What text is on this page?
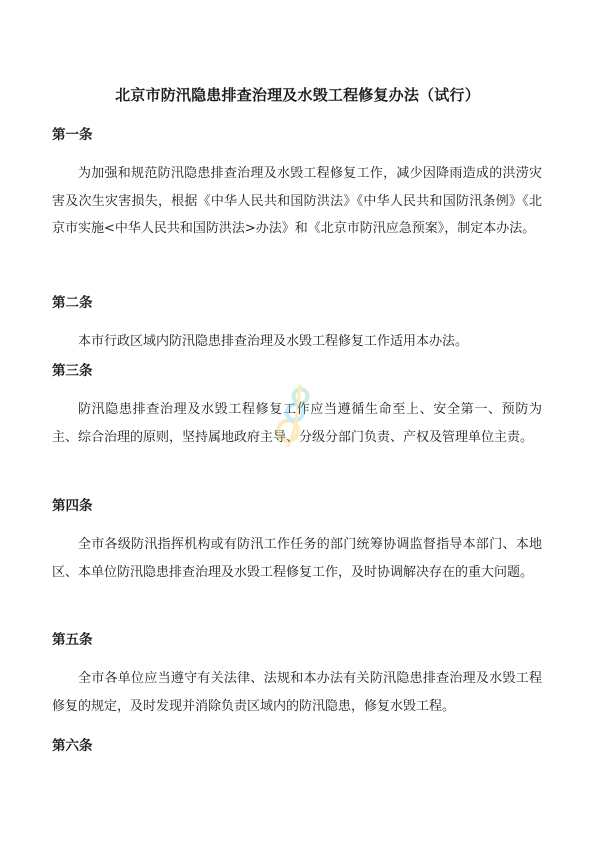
北京市防汛隐患排查治理及水毁工程修复办法（试行）

第一条

为加强和规范防汛隐患排查治理及水毁工程修复工作，减少因降雨造成的洪涝灾害及次生灾害损失，根据《中华人民共和国防洪法》《中华人民共和国防汛条例》《北京市实施<中华人民共和国防洪法>办法》和《北京市防汛应急预案》，制定本办法。

第二条

本市行政区域内防汛隐患排查治理及水毁工程修复工作适用本办法。

第三条

防汛隐患排查治理及水毁工程修复工作应当遵循生命至上、安全第一、预防为主、综合治理的原则，坚持属地政府主导、分级分部门负责、产权及管理单位主责。

第四条

全市各级防汛指挥机构或有防汛工作任务的部门统筹协调监督指导本部门、本地区、本单位防汛隐患排查治理及水毁工程修复工作，及时协调解决存在的重大问题。

第五条

全市各单位应当遵守有关法律、法规和本办法有关防汛隐患排查治理及水毁工程修复的规定，及时发现并消除负责区域内的防汛隐患，修复水毁工程。

第六条
